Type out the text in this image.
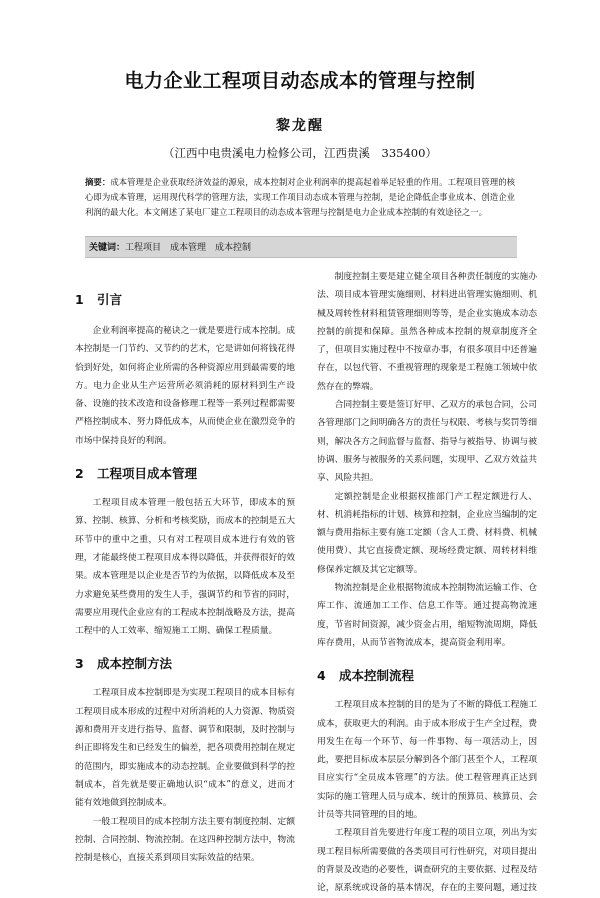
电力企业工程项目动态成本的管理与控制
黎龙醒
（江西中电贵溪电力检修公司，江西贵溪　335400）
摘要：成本管理是企业获取经济效益的源泉，成本控制对企业利润率的提高起着举足轻重的作用。工程项目管理的核心即为成本管理，运用现代科学的管理方法，实现工作项目动态成本管理与控制，是论企降低企事业成本、创造企业利润的最大化。本文阐述了某电厂建立工程项目的动态成本管理与控制是电力企业成本控制的有效途径之一。
关键词：工程项目　成本管理　成本控制

1 引言

企业利润率提高的秘诀之一就是要进行成本控制。成本控制是一门节约、又节约的艺术，它是讲如何将钱花得恰到好处，如何将企业所需的各种资源应用到最需要的地方。电力企业从生产运营所必须消耗的原材料到生产设备、设施的技术改造和设备修理工程等一系列过程都需要严格控制成本、努力降低成本，从而使企业在激烈竞争的市场中保持良好的利润。

2 工程项目成本管理

工程项目成本管理一般包括五大环节，即成本的预算、控制、核算、分析和考核奖励，而成本的控制是五大环节中的重中之重，只有对工程项目成本进行有效的管理，才能最终使工程项目成本得以降低，并获得很好的效果。成本管理是以企业是否节约为依据，以降低成本及至力求避免某些费用的发生人手，强调节约和节省的同时，需要应用现代企业应有的工程成本控制战略及方法，提高工程中的人工效率、缩短施工工期、确保工程质量。

3 成本控制方法

工程项目成本控制即是为实现工程项目的成本目标有工程项目成本形成的过程中对所消耗的人力资源、物质资源和费用开支进行指导、监督、调节和限制，及时控制与纠正即将发生和已经发生的偏差，把各项费用控制在规定的范围内，即实施成本的动态控制。企业要做到科学的控制成本，首先就是要正确地认识“成本”的意义，进而才能有效地做到控制成本。

一般工程项目的成本控制方法主要有制度控制、定额控制、合同控制、物流控制。在这四种控制方法中，物流控制是核心，直接关系到项目实际效益的结果。

制度控制主要是建立健全项目各种责任制度的实施办法、项目成本管理实施细则、材料进出管理实施细则、机械及周转性材料租赁管理细则等等，是企业实施成本动态控制的前提和保障。虽然各种成本控制的规章制度齐全了，但项目实施过程中不按章办事，有很多项目中还普遍存在，以包代管、不重视管理的现象是工程施工领域中依然存在的弊端。

合同控制主要是签订好甲、乙双方的承包合同，公司各管理部门之间明确各方的责任与权限、考核与奖罚等细则，解决各方之间监督与监督、指导与被指导、协调与被协调、服务与被服务的关系问题，实现甲、乙双方效益共享、风险共担。

定额控制是企业根据权推部门产工程定额进行人、材、机消耗指标的计划、核算和控制，企业应当编制的定额与费用指标主要有施工定额（含人工费、材料费、机械使用费）、其它直接费定额、现场经费定额、周转材料维修保养定额及其它定额等。

物流控制是企业根据物流成本控制物流运输工作、仓库工作、流通加工工作、信息工作等。通过提高物流速度，节省时间资源，减少资金占用，缩短物流周期，降低库存费用，从而节省物流成本，提高资金利用率。

4 成本控制流程

工程项目成本控制的目的是为了不断的降低工程施工成本，获取更大的利润。由于成本形成于生产全过程，费用发生在每一个环节、每一件事物、每一项活动上，因此，要把目标成本层层分解到各个部门甚至个人，工程项目应实行“全员成本管理”的方法。使工程管理真正达到实际的施工管理人员与成本、统计的预算员、核算员、会计员等共同管理的目的地。

工程项目首先要进行年度工程的项目立项，列出为实现工程目标所需要做的各类项目可行性研究，对项目提出的背景及改造的必要性，调查研究的主要依据、过程及结论，原系统或设备的基本情况，存在的主要问题，通过技
